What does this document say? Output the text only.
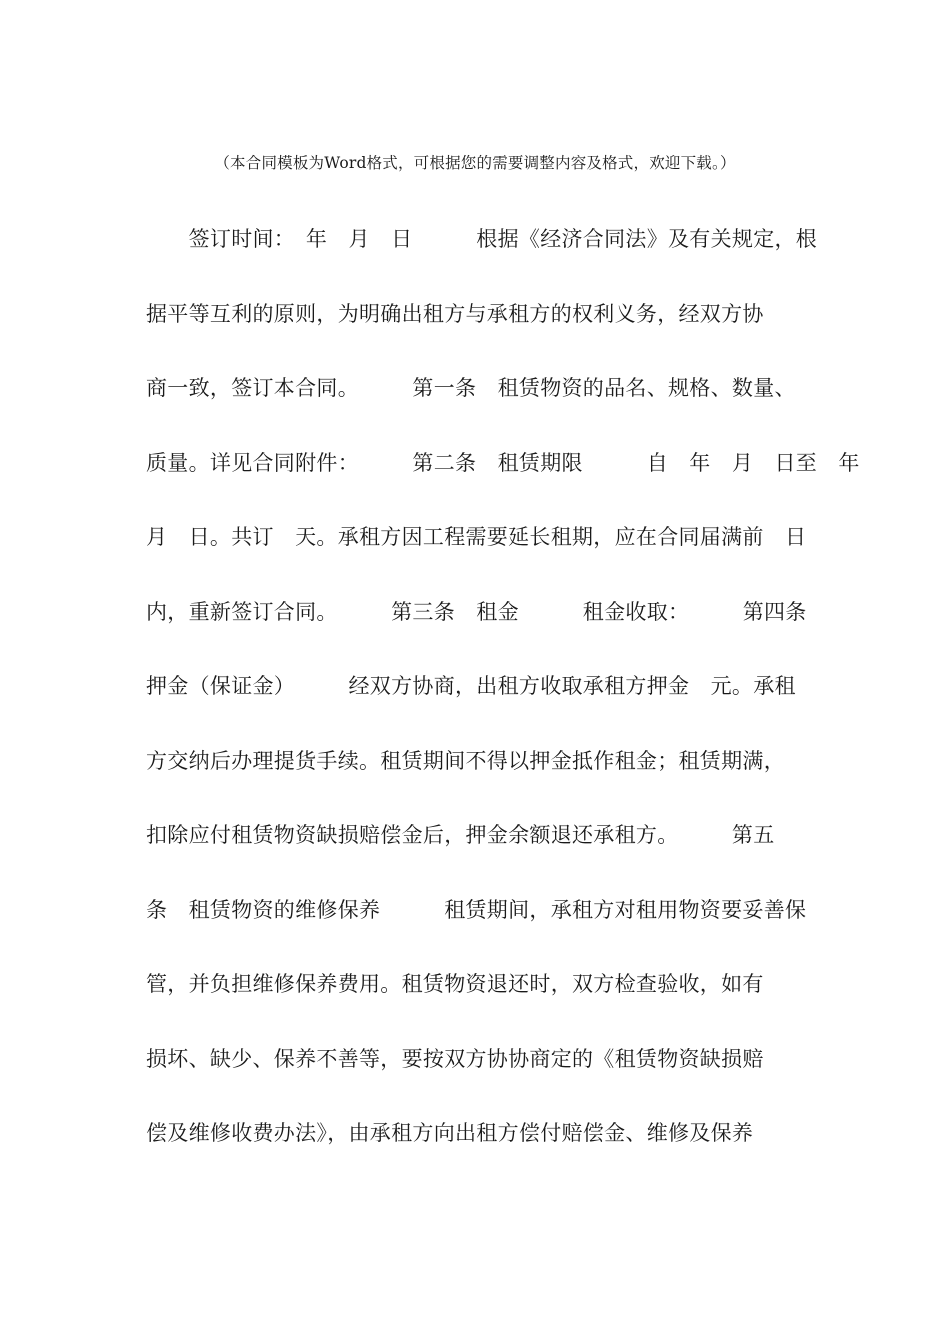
（本合同模板为Word格式，可根据您的需要调整内容及格式，欢迎下载。）
　　签订时间：　年　月　日　　　根据《经济合同法》及有关规定，根
据平等互利的原则，为明确出租方与承租方的权利义务，经双方协
商一致，签订本合同。　　　第一条　租赁物资的品名、规格、数量、
质量。详见合同附件：　　　第二条　租赁期限　　　自　年　月　日至　年
月　日。共订　天。承租方因工程需要延长租期，应在合同届满前　日
内，重新签订合同。　　　第三条　租金　　　租金收取：　　　第四条
押金（保证金）　　　经双方协商，出租方收取承租方押金　元。承租
方交纳后办理提货手续。租赁期间不得以押金抵作租金；租赁期满，
扣除应付租赁物资缺损赔偿金后，押金余额退还承租方。　　　第五
条　租赁物资的维修保养　　　租赁期间，承租方对租用物资要妥善保
管，并负担维修保养费用。租赁物资退还时，双方检查验收，如有
损坏、缺少、保养不善等，要按双方协协商定的《租赁物资缺损赔
偿及维修收费办法》，由承租方向出租方偿付赔偿金、维修及保养
